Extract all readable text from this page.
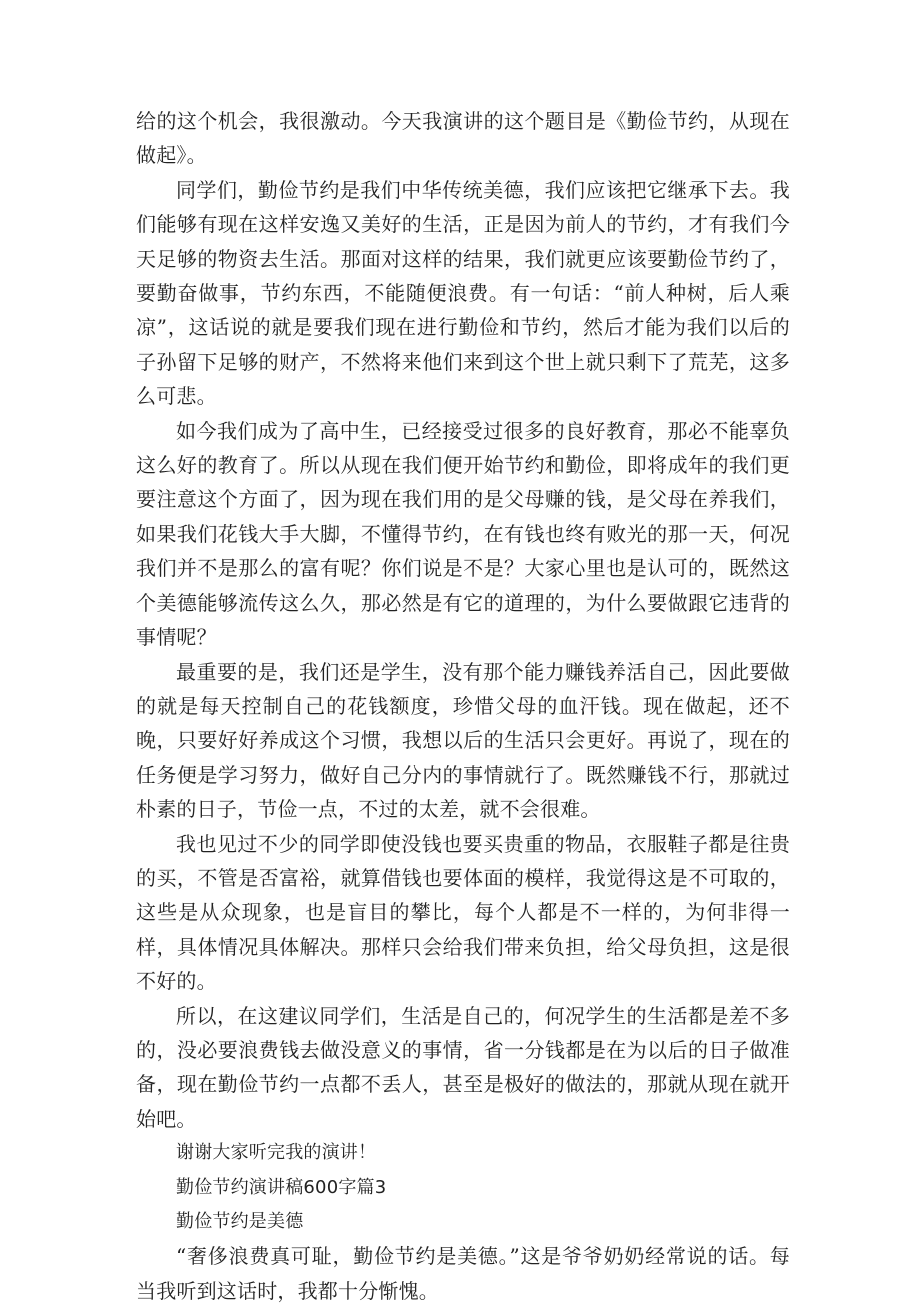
给的这个机会，我很激动。今天我演讲的这个题目是《勤俭节约，从现在做起》。

同学们，勤俭节约是我们中华传统美德，我们应该把它继承下去。我们能够有现在这样安逸又美好的生活，正是因为前人的节约，才有我们今天足够的物资去生活。那面对这样的结果，我们就更应该要勤俭节约了，要勤奋做事，节约东西，不能随便浪费。有一句话：“前人种树，后人乘凉”，这话说的就是要我们现在进行勤俭和节约，然后才能为我们以后的子孙留下足够的财产，不然将来他们来到这个世上就只剩下了荒芜，这多么可悲。

如今我们成为了高中生，已经接受过很多的良好教育，那必不能辜负这么好的教育了。所以从现在我们便开始节约和勤俭，即将成年的我们更要注意这个方面了，因为现在我们用的是父母赚的钱，是父母在养我们，如果我们花钱大手大脚，不懂得节约，在有钱也终有败光的那一天，何况我们并不是那么的富有呢？你们说是不是？大家心里也是认可的，既然这个美德能够流传这么久，那必然是有它的道理的，为什么要做跟它违背的事情呢？

最重要的是，我们还是学生，没有那个能力赚钱养活自己，因此要做的就是每天控制自己的花钱额度，珍惜父母的血汗钱。现在做起，还不晚，只要好好养成这个习惯，我想以后的生活只会更好。再说了，现在的任务便是学习努力，做好自己分内的事情就行了。既然赚钱不行，那就过朴素的日子，节俭一点，不过的太差，就不会很难。

我也见过不少的同学即使没钱也要买贵重的物品，衣服鞋子都是往贵的买，不管是否富裕，就算借钱也要体面的模样，我觉得这是不可取的，这些是从众现象，也是盲目的攀比，每个人都是不一样的，为何非得一样，具体情况具体解决。那样只会给我们带来负担，给父母负担，这是很不好的。

所以，在这建议同学们，生活是自己的，何况学生的生活都是差不多的，没必要浪费钱去做没意义的事情，省一分钱都是在为以后的日子做准备，现在勤俭节约一点都不丢人，甚至是极好的做法的，那就从现在就开始吧。

谢谢大家听完我的演讲！

勤俭节约演讲稿600字篇3

勤俭节约是美德

“奢侈浪费真可耻，勤俭节约是美德。”这是爷爷奶奶经常说的话。每当我听到这话时，我都十分惭愧。
